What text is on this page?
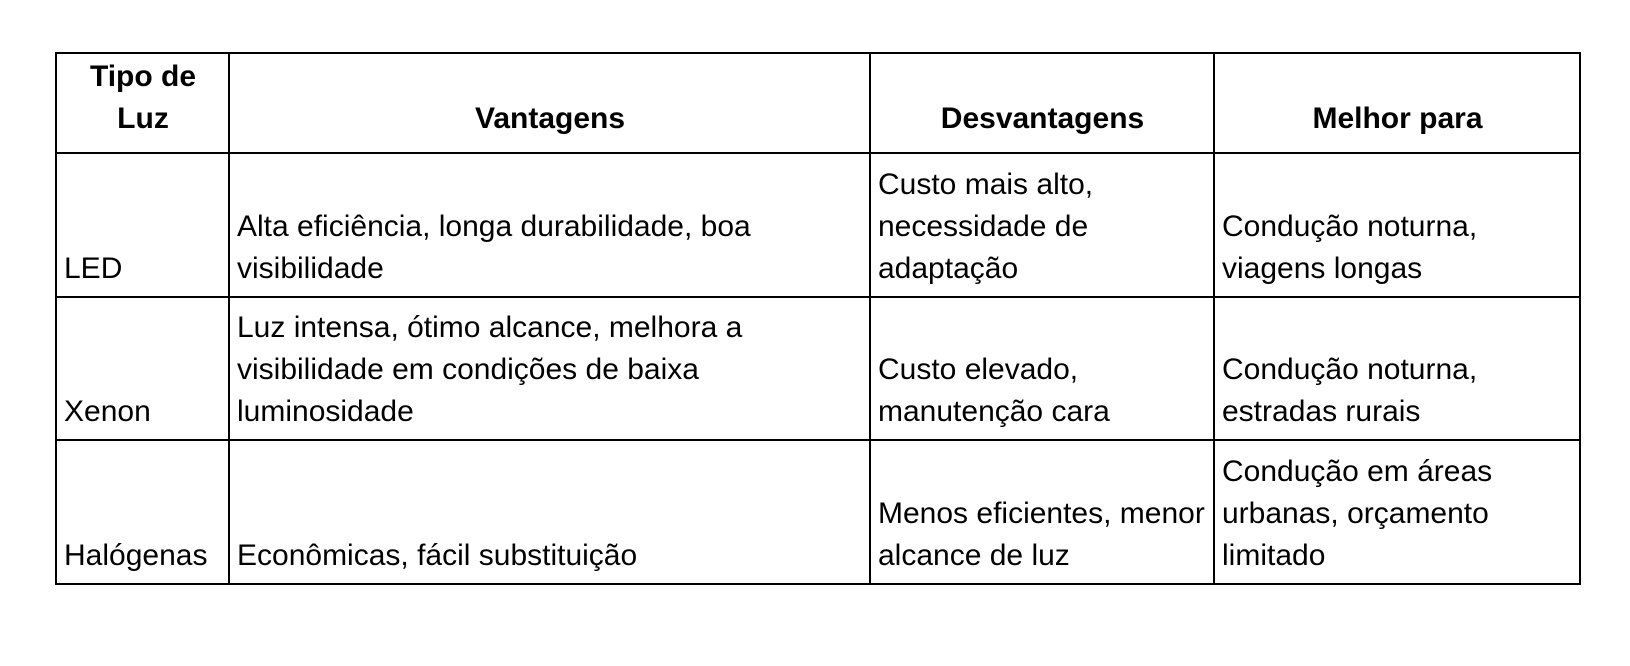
Tipo de Luz	Vantagens	Desvantagens	Melhor para
LED	Alta eficiência, longa durabilidade, boa visibilidade	Custo mais alto, necessidade de adaptação	Condução noturna, viagens longas
Xenon	Luz intensa, ótimo alcance, melhora a visibilidade em condições de baixa luminosidade	Custo elevado, manutenção cara	Condução noturna, estradas rurais
Halógenas	Econômicas, fácil substituição	Menos eficientes, menor alcance de luz	Condução em áreas urbanas, orçamento limitado
